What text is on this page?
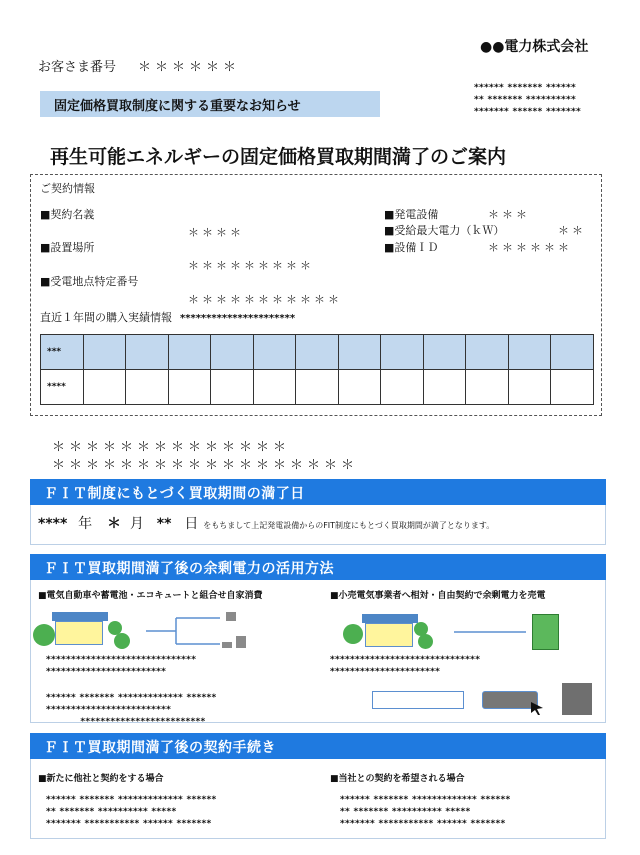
●●電力株式会社
お客さま番号 ＊＊＊＊＊＊
****** ******* ******
** ******* **********
******* ****** *******
固定価格買取制度に関する重要なお知らせ
再生可能エネルギーの固定価格買取期間満了のご案内
ご契約情報
■契約名義
＊＊＊＊
■設置場所
＊＊＊＊＊＊＊＊＊
■受電地点特定番号
＊＊＊＊＊＊＊＊＊＊＊
■発電設備	＊＊＊
■受給最大電力（ｋＷ）	＊＊
■設備ＩＤ	＊＊＊＊＊＊
直近１年間の購入実績情報 **********************
***												
****												
＊＊＊＊＊＊＊＊＊＊＊＊＊＊
＊＊＊＊＊＊＊＊＊＊＊＊＊＊＊＊＊＊
ＦＩＴ制度にもとづく買取期間の満了日
**** 年 ＊ 月 ** 日 をもちまして上記発電設備からのFIT制度にもとづく買取期間が満了となります。
ＦＩＴ買取期間満了後の余剰電力の活用方法
■電気自動車や蓄電池・エコキュートと組合せ自家消費	■小売電気事業者へ相対・自由契約で余剰電力を売電
******************************
************************
****** ******* ************* ******
*************************
*************************
******************************
**********************
ＦＩＴ買取期間満了後の契約手続き
■新たに他社と契約をする場合	■当社との契約を希望される場合
****** ******* ************* ******
** ******* ********** *****
******* *********** ****** *******
****** ******* ************* ******
** ******* ********** *****
******* *********** ****** *******
